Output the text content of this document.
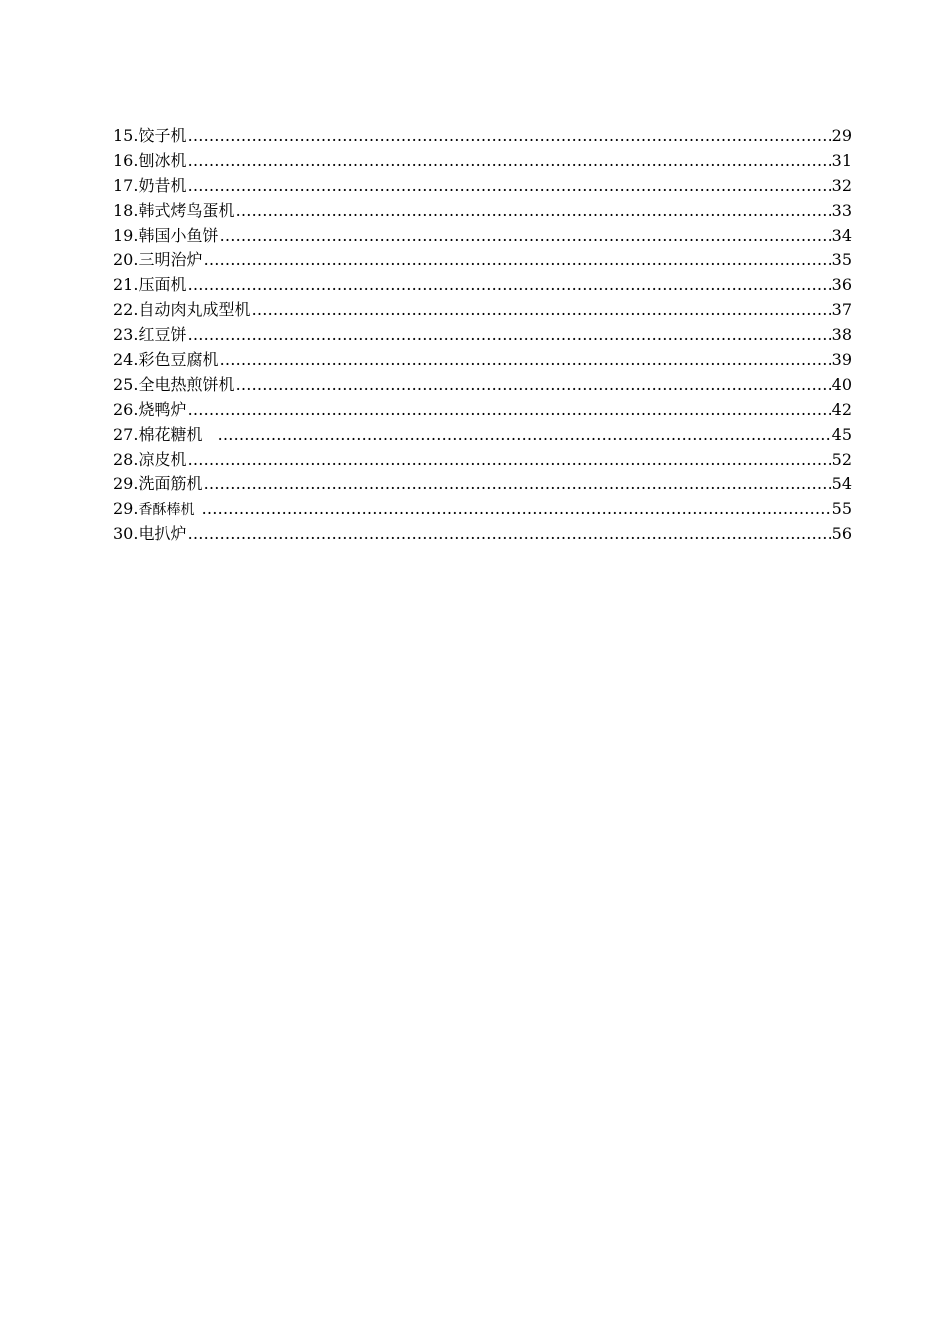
15. 饺子机 …………………………………………………………………………………………………………………………………………………………	29
16. 刨冰机 …………………………………………………………………………………………………………………………………………………………	31
17. 奶昔机 …………………………………………………………………………………………………………………………………………………………	32
18. 韩式烤鸟蛋机 …………………………………………………………………………………………………………………………………………………………	33
19. 韩国小鱼饼 …………………………………………………………………………………………………………………………………………………………	34
20. 三明治炉 …………………………………………………………………………………………………………………………………………………………	35
21. 压面机 …………………………………………………………………………………………………………………………………………………………	36
22. 自动肉丸成型机 …………………………………………………………………………………………………………………………………………………………	37
23. 红豆饼 …………………………………………………………………………………………………………………………………………………………	38
24. 彩色豆腐机 …………………………………………………………………………………………………………………………………………………………	39
25. 全电热煎饼机 …………………………………………………………………………………………………………………………………………………………	40
26. 烧鸭炉 …………………………………………………………………………………………………………………………………………………………	42
27. 棉花糖机 …………………………………………………………………………………………………………………………………………………………	45
28. 凉皮机 …………………………………………………………………………………………………………………………………………………………	52
29. 洗面筋机 …………………………………………………………………………………………………………………………………………………………	54
29. 香酥棒机 …………………………………………………………………………………………………………………………………………………………	55
30. 电扒炉 …………………………………………………………………………………………………………………………………………………………	56
